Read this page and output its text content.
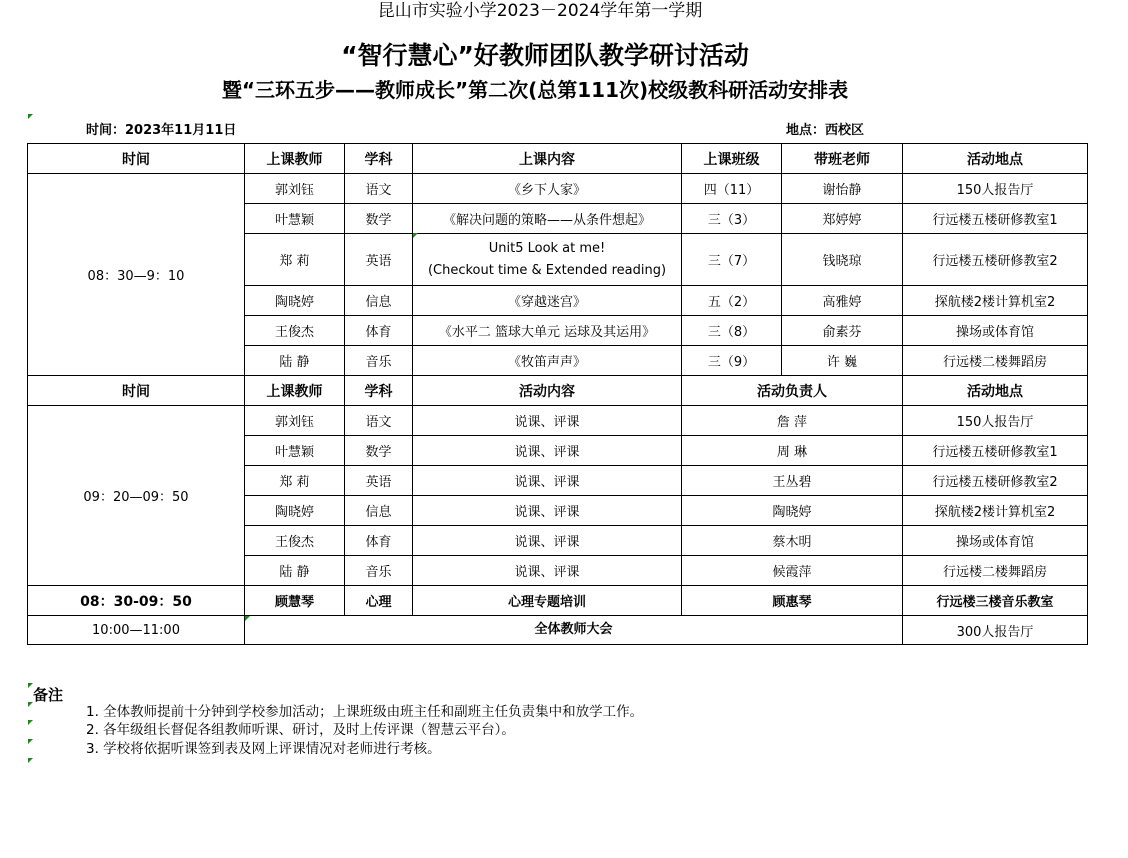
昆山市实验小学2023－2024学年第一学期
“智行慧心”好教师团队教学研讨活动
暨“三环五步——教师成长”第二次(总第111次)校级教科研活动安排表
时间：2023年11月11日	地点：西校区
时间	上课教师	学科	上课内容	上课班级	带班老师	活动地点
08：30—9：10	郭刘钰	语文	《乡下人家》	四（11）	谢怡静	150人报告厅
	叶慧颖	数学	《解决问题的策略——从条件想起》	三（3）	郑婷婷	行远楼五楼研修教室1
	郑 莉	英语	Unit5 Look at me!
(Checkout time & Extended reading)	三（7）	钱晓琼	行远楼五楼研修教室2
	陶晓婷	信息	《穿越迷宫》	五（2）	高雅婷	探航楼2楼计算机室2
	王俊杰	体育	《水平二 篮球大单元 运球及其运用》	三（8）	俞素芬	操场或体育馆
	陆 静	音乐	《牧笛声声》	三（9）	许 巍	行远楼二楼舞蹈房

时间	上课教师	学科	活动内容	活动负责人		活动地点
09：20—09：50	郭刘钰	语文	说课、评课	詹 萍		150人报告厅
	叶慧颖	数学	说课、评课	周 琳		行远楼五楼研修教室1
	郑 莉	英语	说课、评课	王丛碧		行远楼五楼研修教室2
	陶晓婷	信息	说课、评课	陶晓婷		探航楼2楼计算机室2
	王俊杰	体育	说课、评课	蔡木明		操场或体育馆
	陆 静	音乐	说课、评课	候霞萍		行远楼二楼舞蹈房
08：30-09：50	顾慧琴	心理	心理专题培训	顾惠琴		行远楼三楼音乐教室
10:00—11:00	全体教师大会					300人报告厅
备注
1. 全体教师提前十分钟到学校参加活动；上课班级由班主任和副班主任负责集中和放学工作。
2. 各年级组长督促各组教师听课、研讨，及时上传评课（智慧云平台）。
3. 学校将依据听课签到表及网上评课情况对老师进行考核。
